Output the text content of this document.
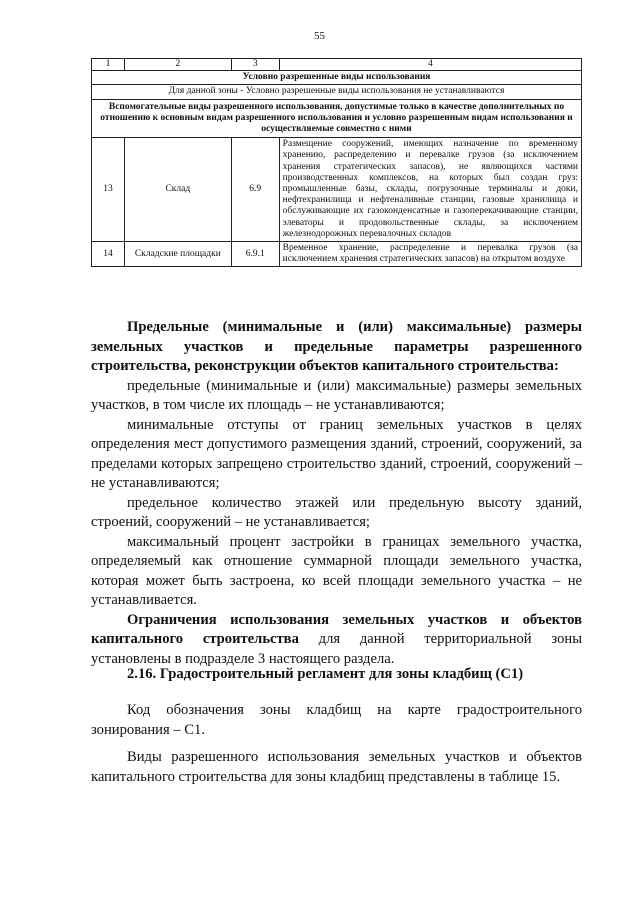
55
1	2	3	4
Условно разрешенные виды использования			
Для данной зоны - Условно разрешенные виды использования не устанавливаются			
Вспомогательные виды разрешенного использования, допустимые только в качестве дополнительных по отношению к основным видам разрешенного использования и условно разрешенным видам использования и осуществляемые совместно с ними			
13	Склад	6.9	Размещение сооружений, имеющих назначение по временному хранению, распределению и перевалке грузов (за исключением хранения стратегических запасов), не являющихся частями производственных комплексов, на которых был создан груз: промышленные базы, склады, погрузочные терминалы и доки, нефтехранилища и нефтеналивные станции, газовые хранилища и обслуживающие их газоконденсатные и газоперекачивающие станции, элеваторы и продовольственные склады, за исключением железнодорожных перевалочных складов
14	Складские площадки	6.9.1	Временное хранение, распределение и перевалка грузов (за исключением хранения стратегических запасов) на открытом воздухе

Предельные (минимальные и (или) максимальные) размеры земельных участков и предельные параметры разрешенного строительства, реконструкции объектов капитального строительства:

предельные (минимальные и (или) максимальные) размеры земельных участков, в том числе их площадь – не устанавливаются;

минимальные отступы от границ земельных участков в целях определения мест допустимого размещения зданий, строений, сооружений, за пределами которых запрещено строительство зданий, строений, сооружений – не устанавливаются;

предельное количество этажей или предельную высоту зданий, строений, сооружений – не устанавливается;

максимальный процент застройки в границах земельного участка, определяемый как отношение суммарной площади земельного участка, которая может быть застроена, ко всей площади земельного участка – не устанавливается.

Ограничения использования земельных участков и объектов капитального строительства для данной территориальной зоны установлены в подразделе 3 настоящего раздела.

2.16. Градостроительный регламент для зоны кладбищ (С1)

Код обозначения зоны кладбищ на карте градостроительного зонирования – С1.

Виды разрешенного использования земельных участков и объектов капитального строительства для зоны кладбищ представлены в таблице 15.
